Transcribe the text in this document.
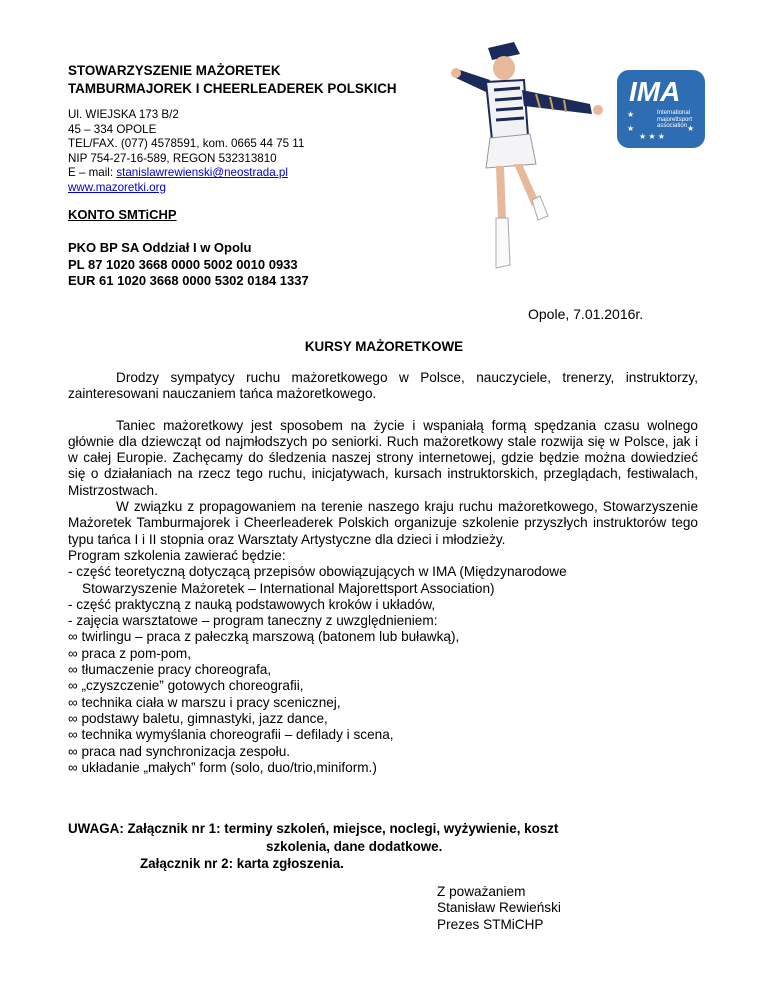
STOWARZYSZENIE MAŻORETEK
TAMBURMAJOREK I CHEERLEADEREK POLSKICH
Ul. WIEJSKA 173 B/2
45 – 334 OPOLE
TEL/FAX. (077) 4578591, kom. 0665 44 75 11
NIP 754-27-16-589, REGON 532313810
E – mail: stanislawrewienski@neostrada.pl
www.mazoretki.org
IMA
International
majorettsport
association
★
★
★ ★ ★
★
KONTO SMTiCHP
PKO BP SA Oddział I w Opolu
PL 87 1020 3668 0000 5002 0010 0933
EUR 61 1020 3668 0000 5302 0184 1337
Opole, 7.01.2016r.
KURSY MAŻORETKOWE

Drodzy sympatycy ruchu mażoretkowego w Polsce, nauczyciele, trenerzy, instruktorzy, zainteresowani nauczaniem tańca mażoretkowego.

Taniec mażoretkowy jest sposobem na życie i wspaniałą formą spędzania czasu wolnego głównie dla dziewcząt od najmłodszych po seniorki. Ruch mażoretkowy stale rozwija się w Polsce, jak i w całej Europie. Zachęcamy do śledzenia naszej strony internetowej, gdzie będzie można dowiedzieć się o działaniach na rzecz tego ruchu, inicjatywach, kursach instruktorskich, przeglądach, festiwalach, Mistrzostwach.

W związku z propagowaniem na terenie naszego kraju ruchu mażoretkowego, Stowarzyszenie Mażoretek Tamburmajorek i Cheerleaderek Polskich organizuje szkolenie przyszłych instruktorów tego typu tańca I i II stopnia oraz Warsztaty Artystyczne dla dzieci i młodzieży.

Program szkolenia zawierać będzie:

- część teoretyczną dotyczącą przepisów obowiązujących w IMA (Międzynarodowe

Stowarzyszenie Mażoretek – International Majorettsport Association)

- część praktyczną z nauką podstawowych kroków i układów,

- zajęcia warsztatowe – program taneczny z uwzględnieniem:

∞ twirlingu – praca z pałeczką marszową (batonem lub buławką),

∞ praca z pom-pom,

∞ tłumaczenie pracy choreografa,

∞ „czyszczenie” gotowych choreografii,

∞ technika ciała w marszu i pracy scenicznej,

∞ podstawy baletu, gimnastyki, jazz dance,

∞ technika wymyślania choreografii – defilady i scena,

∞ praca nad synchronizacja zespołu.

∞ układanie „małych” form (solo, duo/trio,miniform.)

UWAGA: Załącznik nr 1: terminy szkoleń, miejsce, noclegi, wyżywienie, koszt
szkolenia, dane dodatkowe.
Załącznik nr 2: karta zgłoszenia.
Z poważaniem
Stanisław Rewieński
Prezes STMiCHP
